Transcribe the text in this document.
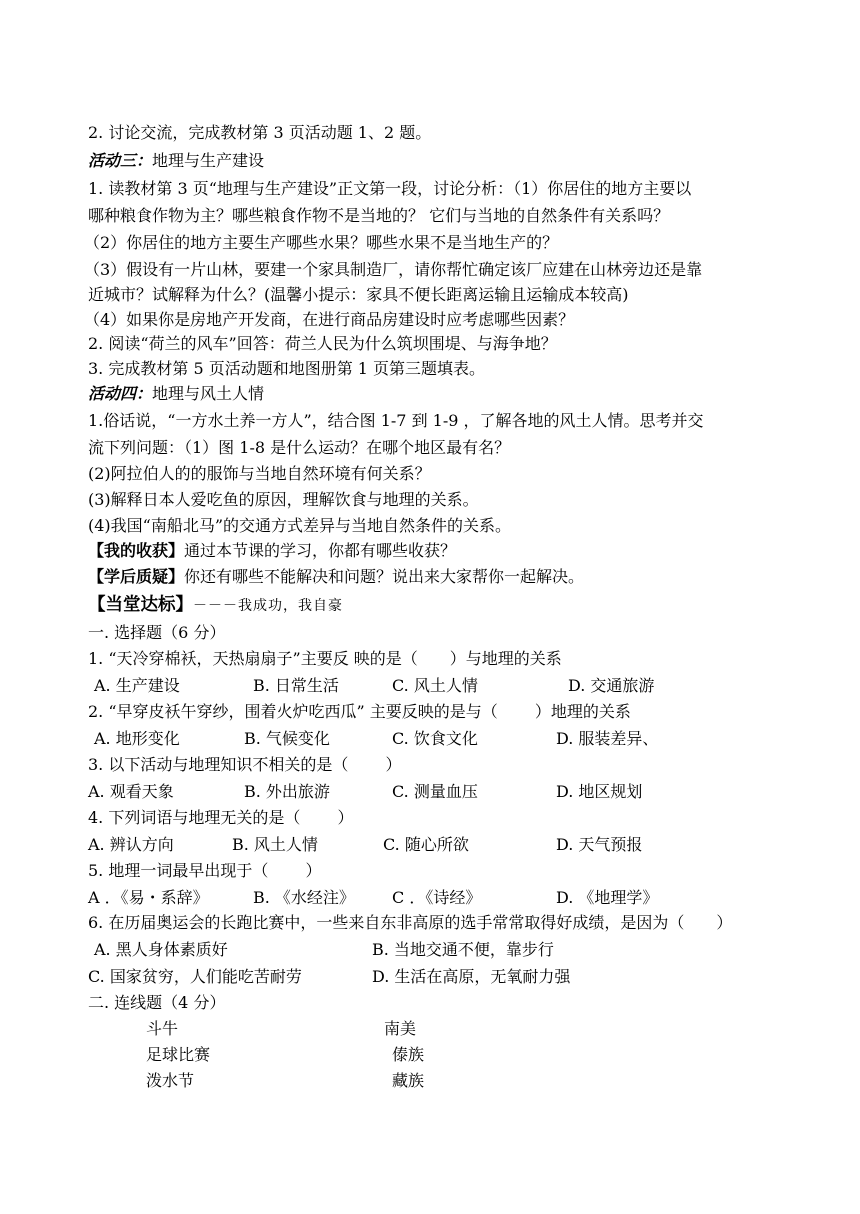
2. 讨论交流，完成教材第 3 页活动题 1、2 题。
活动三：地理与生产建设
1. 读教材第 3 页“地理与生产建设”正文第一段，讨论分析：（1）你居住的地方主要以
哪种粮食作物为主？哪些粮食作物不是当地的？ 它们与当地的自然条件有关系吗？
（2）你居住的地方主要生产哪些水果？哪些水果不是当地生产的？
（3）假设有一片山林，要建一个家具制造厂，请你帮忙确定该厂应建在山林旁边还是靠
近城市？试解释为什么？(温馨小提示：家具不便长距离运输且运输成本较高)
（4）如果你是房地产开发商，在进行商品房建设时应考虑哪些因素？
2. 阅读“荷兰的风车”回答：荷兰人民为什么筑坝围堤、与海争地？
3. 完成教材第 5 页活动题和地图册第 1 页第三题填表。
活动四：地理与风土人情
1.俗话说，“一方水土养一方人”，结合图 1-7 到 1-9 ，了解各地的风土人情。思考并交
流下列问题：（1）图 1-8 是什么运动？在哪个地区最有名？
(2)阿拉伯人的的服饰与当地自然环境有何关系？
(3)解释日本人爱吃鱼的原因，理解饮食与地理的关系。
(4)我国“南船北马”的交通方式差异与当地自然条件的关系。
【我的收获】通过本节课的学习，你都有哪些收获？
【学后质疑】你还有哪些不能解决和问题？说出来大家帮你一起解决。
【当堂达标】－－－我成功，我自豪
一. 选择题（6 分）
1. “天冷穿棉袄，天热扇扇子”主要反 映的是（　　）与地理的关系
A. 生产建设	B. 日常生活	C. 风土人情	D. 交通旅游
2. “早穿皮袄午穿纱，围着火炉吃西瓜” 主要反映的是与（　　 ）地理的关系
A. 地形变化	B. 气候变化	C. 饮食文化	D. 服装差异、
3. 以下活动与地理知识不相关的是（　　 ）
A. 观看天象	B. 外出旅游	C. 测量血压	D. 地区规划
4. 下列词语与地理无关的是（　　 ）
A. 辨认方向	B. 风土人情	C. 随心所欲	D. 天气预报
5. 地理一词最早出现于（　　 ）
A ．《易・系辞》	B. 《水经注》 C ．《诗经》	D. 《地理学》
6. 在历届奥运会的长跑比赛中，一些来自东非高原的选手常常取得好成绩，是因为（　　）
A. 黑人身体素质好	B. 当地交通不便，靠步行
C. 国家贫穷，人们能吃苦耐劳	D. 生活在高原，无氧耐力强
二. 连线题（4 分）
斗牛	南美
足球比赛	傣族
泼水节	藏族
